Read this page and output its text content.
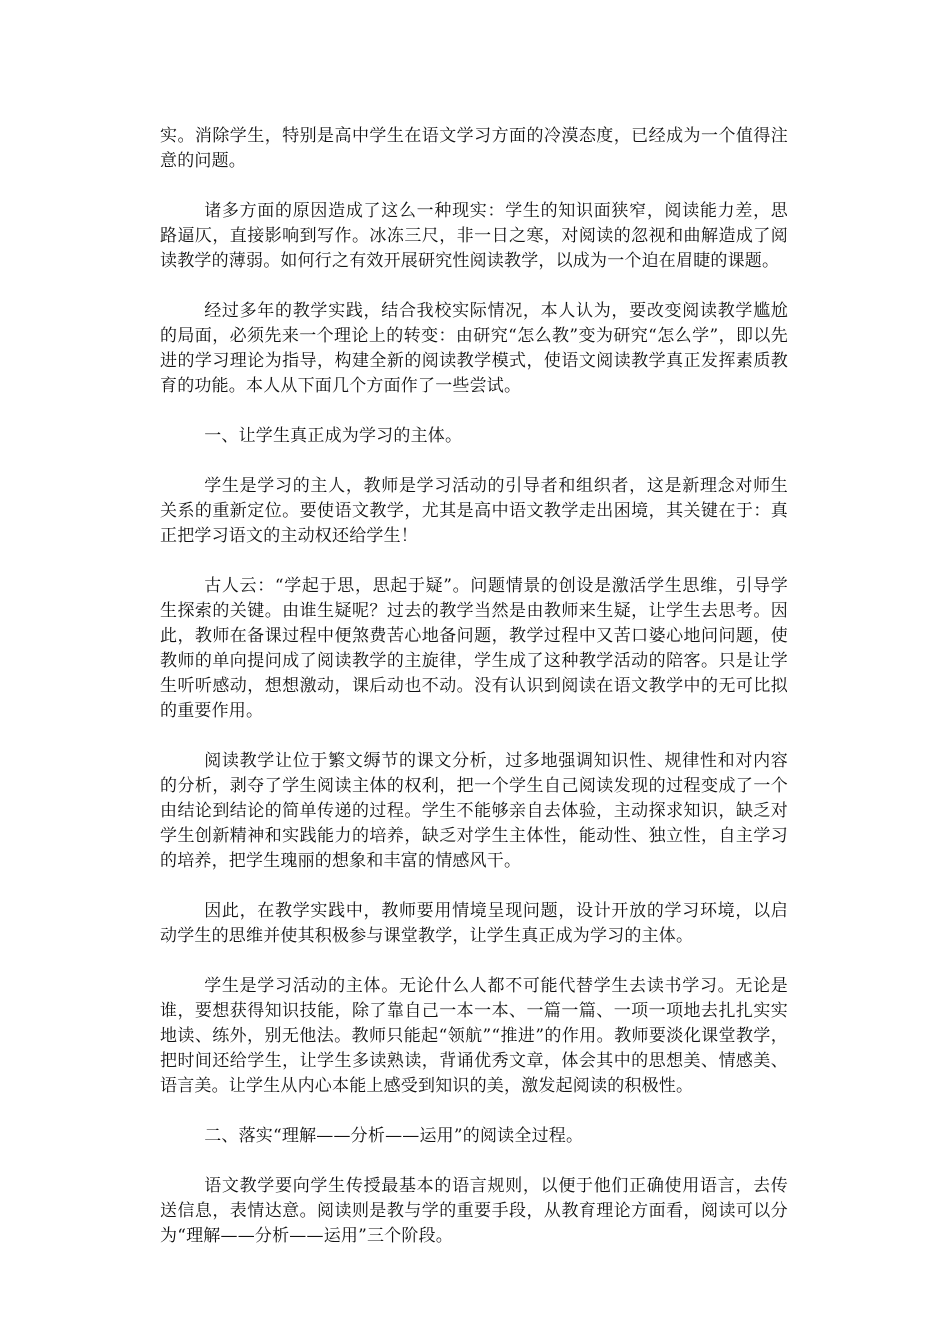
实。消除学生，特别是高中学生在语文学习方面的冷漠态度，已经成为一个值得注意的问题。

诸多方面的原因造成了这么一种现实：学生的知识面狭窄，阅读能力差，思路逼仄，直接影响到写作。冰冻三尺，非一日之寒，对阅读的忽视和曲解造成了阅读教学的薄弱。如何行之有效开展研究性阅读教学，以成为一个迫在眉睫的课题。

经过多年的教学实践，结合我校实际情况，本人认为，要改变阅读教学尴尬的局面，必须先来一个理论上的转变：由研究“怎么教”变为研究“怎么学”，即以先进的学习理论为指导，构建全新的阅读教学模式，使语文阅读教学真正发挥素质教育的功能。本人从下面几个方面作了一些尝试。

一、让学生真正成为学习的主体。

学生是学习的主人，教师是学习活动的引导者和组织者，这是新理念对师生关系的重新定位。要使语文教学，尤其是高中语文教学走出困境，其关键在于：真正把学习语文的主动权还给学生！

古人云：“学起于思，思起于疑”。问题情景的创设是激活学生思维，引导学生探索的关键。由谁生疑呢？过去的教学当然是由教师来生疑，让学生去思考。因此，教师在备课过程中便煞费苦心地备问题，教学过程中又苦口婆心地问问题，使教师的单向提问成了阅读教学的主旋律，学生成了这种教学活动的陪客。只是让学生听听感动，想想激动，课后动也不动。没有认识到阅读在语文教学中的无可比拟的重要作用。

阅读教学让位于繁文缛节的课文分析，过多地强调知识性、规律性和对内容的分析，剥夺了学生阅读主体的权利，把一个学生自己阅读发现的过程变成了一个由结论到结论的简单传递的过程。学生不能够亲自去体验，主动探求知识，缺乏对学生创新精神和实践能力的培养，缺乏对学生主体性，能动性、独立性，自主学习的培养，把学生瑰丽的想象和丰富的情感风干。

因此，在教学实践中，教师要用情境呈现问题，设计开放的学习环境，以启动学生的思维并使其积极参与课堂教学，让学生真正成为学习的主体。

学生是学习活动的主体。无论什么人都不可能代替学生去读书学习。无论是谁，要想获得知识技能，除了靠自己一本一本、一篇一篇、一项一项地去扎扎实实地读、练外，别无他法。教师只能起“领航”“推进”的作用。教师要淡化课堂教学，把时间还给学生，让学生多读熟读，背诵优秀文章，体会其中的思想美、情感美、语言美。让学生从内心本能上感受到知识的美，激发起阅读的积极性。

二、落实“理解——分析——运用”的阅读全过程。

语文教学要向学生传授最基本的语言规则，以便于他们正确使用语言，去传送信息，表情达意。阅读则是教与学的重要手段，从教育理论方面看，阅读可以分为“理解——分析——运用”三个阶段。
